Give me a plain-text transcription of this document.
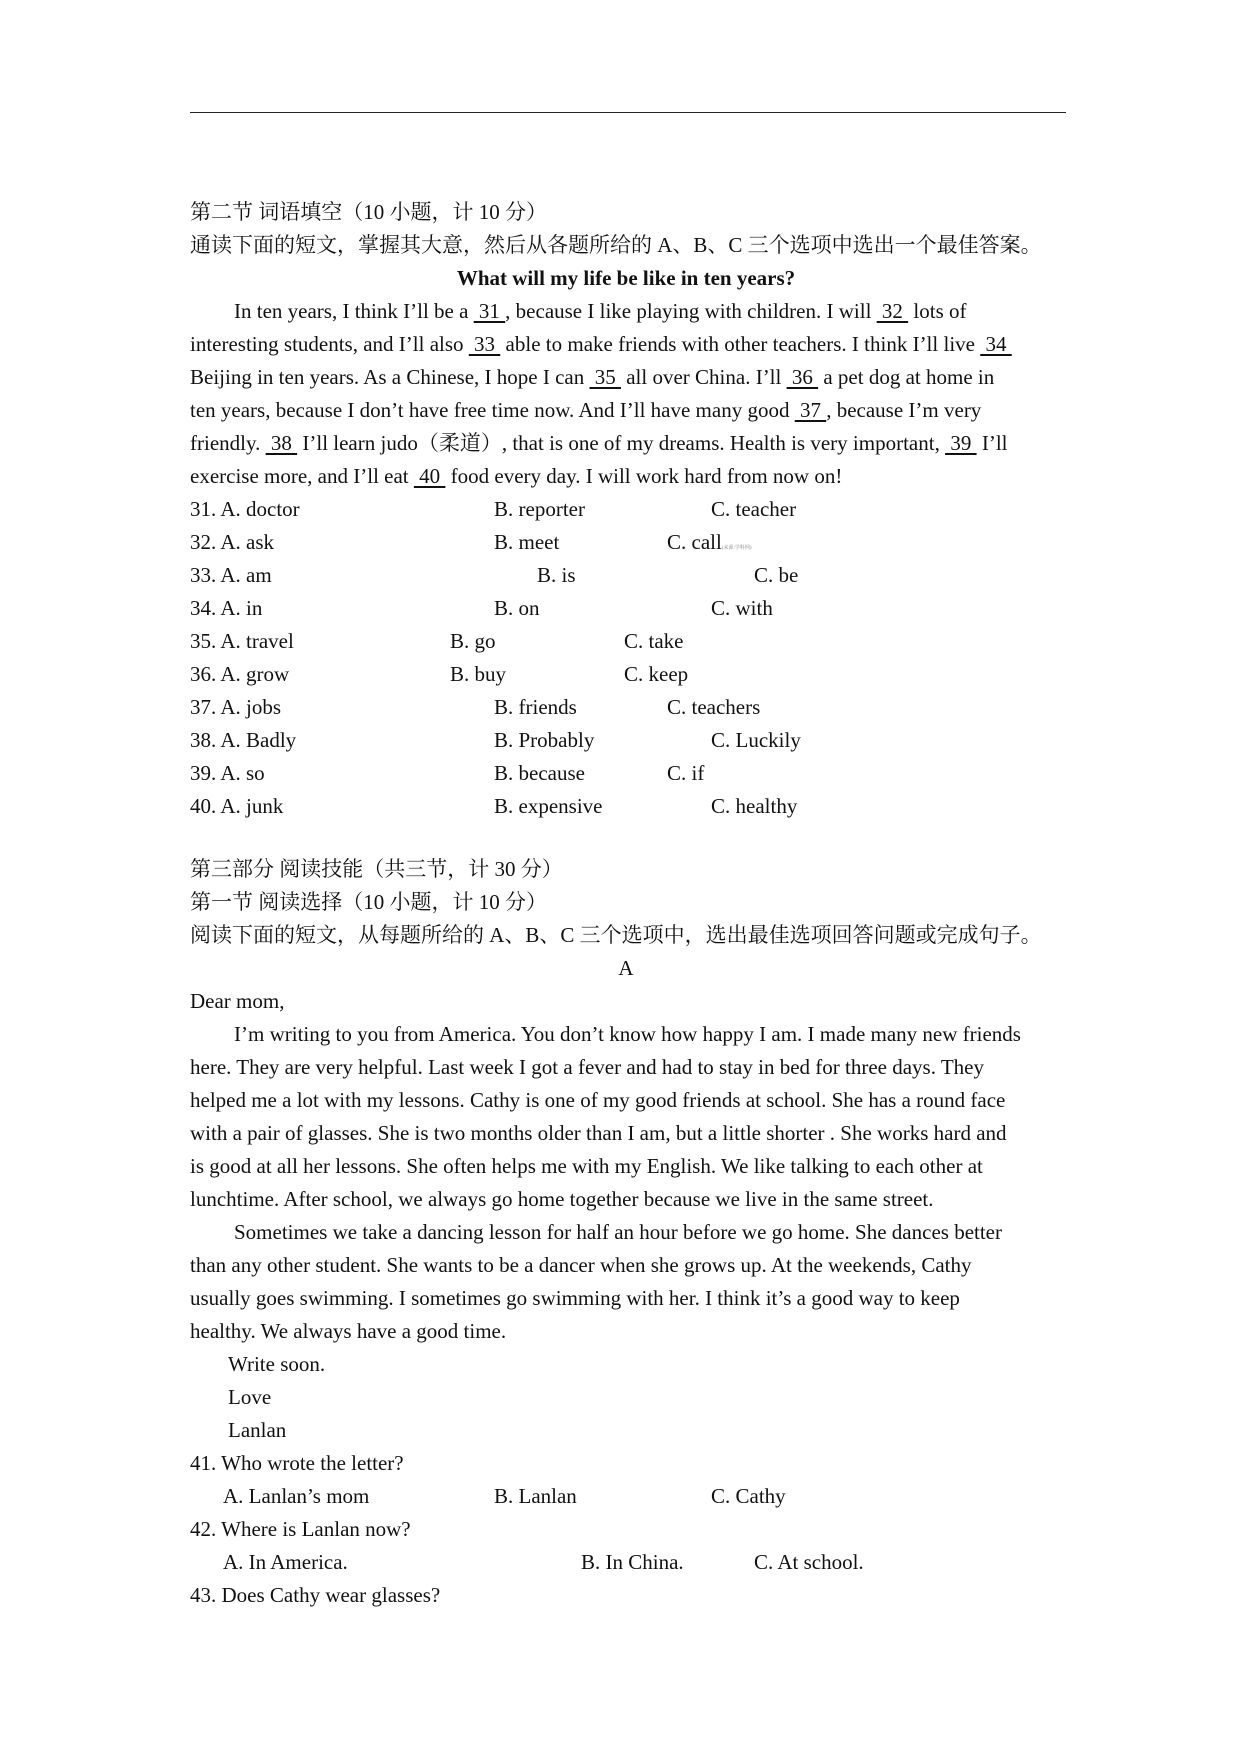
第二节 词语填空（10 小题，计 10 分）
通读下面的短文，掌握其大意，然后从各题所给的 A、B、C 三个选项中选出一个最佳答案。
What will my life be like in ten years?
In ten years, I think I’ll be a  31 , because I like playing with children. I will  32  lots of
interesting students, and I’ll also  33  able to make friends with other teachers. I think I’ll live  34
Beijing in ten years. As a Chinese, I hope I can  35  all over China. I’ll  36  a pet dog at home in
ten years, because I don’t have free time now. And I’ll have many good  37 , because I’m very
friendly.  38  I’ll learn judo（柔道）, that is one of my dreams. Health is very important,  39  I’ll
exercise more, and I’ll eat  40  food every day. I will work hard from now on!
31. A. doctor	B. reporter	C. teacher
32. A. ask	B. meet	C. call(来源:学科网)
33. A. am	B. is	C. be
34. A. in	B. on	C. with
35. A. travel	B. go	C. take
36. A. grow	B. buy	C. keep
37. A. jobs	B. friends	C. teachers
38. A. Badly	B. Probably	C. Luckily
39. A. so	B. because	C. if
40. A. junk	B. expensive	C. healthy
第三部分 阅读技能（共三节，计 30 分）
第一节 阅读选择（10 小题，计 10 分）
阅读下面的短文，从每题所给的 A、B、C 三个选项中，选出最佳选项回答问题或完成句子。
A
Dear mom,
I’m writing to you from America. You don’t know how happy I am. I made many new friends
here. They are very helpful. Last week I got a fever and had to stay in bed for three days. They
helped me a lot with my lessons. Cathy is one of my good friends at school. She has a round face
with a pair of glasses. She is two months older than I am, but a little shorter . She works hard and
is good at all her lessons. She often helps me with my English. We like talking to each other at
lunchtime. After school, we always go home together because we live in the same street.
Sometimes we take a dancing lesson for half an hour before we go home. She dances better
than any other student. She wants to be a dancer when she grows up. At the weekends, Cathy
usually goes swimming. I sometimes go swimming with her. I think it’s a good way to keep
healthy. We always have a good time.
Write soon.
Love
Lanlan
41. Who wrote the letter?
A. Lanlan’s mom	B. Lanlan	C. Cathy
42. Where is Lanlan now?
A. In America.	B. In China.	C. At school.
43. Does Cathy wear glasses?
